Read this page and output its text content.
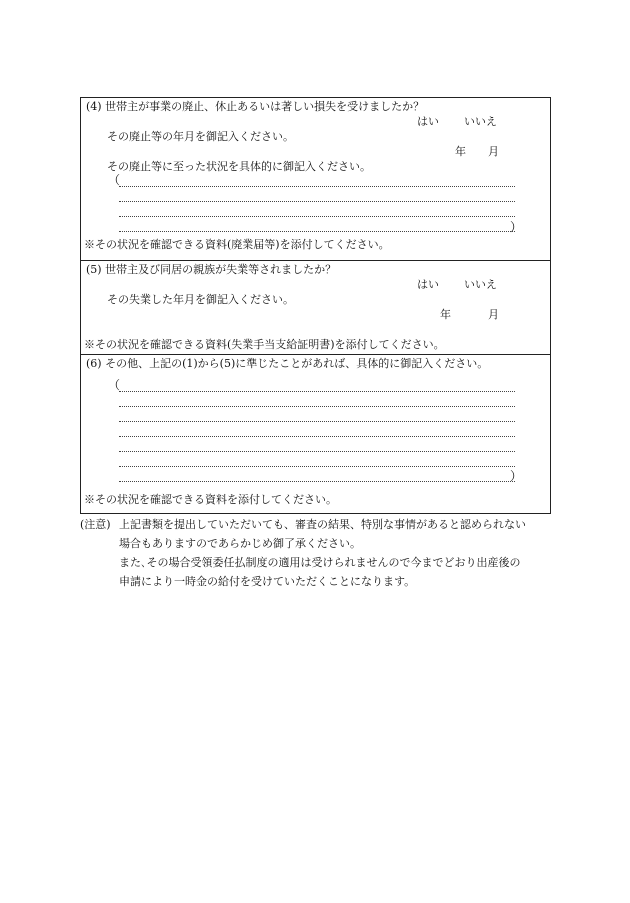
(4) 世帯主が事業の廃止、休止あるいは著しい損失を受けましたか？
はい いいえ
その廃止等の年月を御記入ください。
年 月
その廃止等に至った状況を具体的に御記入ください。
（
）
※その状況を確認できる資料(廃業届等)を添付してください。
(5) 世帯主及び同居の親族が失業等されましたか？
はい いいえ
その失業した年月を御記入ください。
年	月
※その状況を確認できる資料(失業手当支給証明書)を添付してください。
(6) その他、上記の(1)から(5)に準じたことがあれば、具体的に御記入ください。
（
）
※その状況を確認できる資料を添付してください。
(注意) 上記書類を提出していただいても、審査の結果、特別な事情があると認められない
場合もありますのであらかじめ御了承ください。
また､その場合受領委任払制度の適用は受けられませんので今までどおり出産後の
申請により一時金の給付を受けていただくことになります。
